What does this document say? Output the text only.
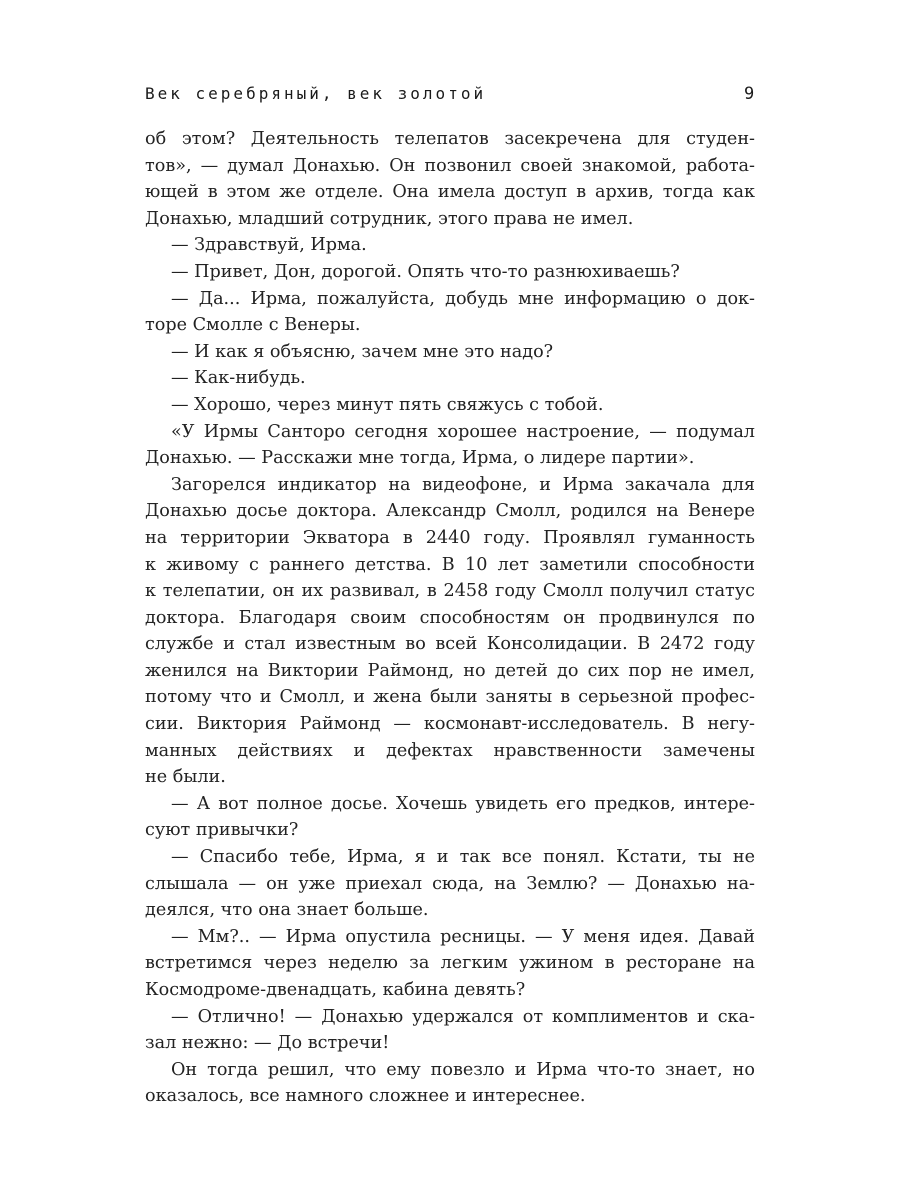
Век серебряный, век золотой	9
об этом? Деятельность телепатов засекречена для студен-
тов», — думал Донахью. Он позвонил своей знакомой, работа-
ющей в этом же отделе. Она имела доступ в архив, тогда как
Донахью, младший сотрудник, этого права не имел.
— Здравствуй, Ирма.
— Привет, Дон, дорогой. Опять что-то разнюхиваешь?
— Да... Ирма, пожалуйста, добудь мне информацию о док-
торе Смолле с Венеры.
— И как я объясню, зачем мне это надо?
— Как-нибудь.
— Хорошо, через минут пять свяжусь с тобой.
«У Ирмы Санторо сегодня хорошее настроение, — подумал
Донахью. — Расскажи мне тогда, Ирма, о лидере партии».
Загорелся индикатор на видеофоне, и Ирма закачала для
Донахью досье доктора. Александр Смолл, родился на Венере
на территории Экватора в 2440 году. Проявлял гуманность
к живому с раннего детства. В 10 лет заметили способности
к телепатии, он их развивал, в 2458 году Смолл получил статус
доктора. Благодаря своим способностям он продвинулся по
службе и стал известным во всей Консолидации. В 2472 году
женился на Виктории Раймонд, но детей до сих пор не имел,
потому что и Смолл, и жена были заняты в серьезной профес-
сии. Виктория Раймонд — космонавт-исследователь. В негу-
манных действиях и дефектах нравственности замечены
не были.
— А вот полное досье. Хочешь увидеть его предков, интере-
суют привычки?
— Спасибо тебе, Ирма, я и так все понял. Кстати, ты не
слышала — он уже приехал сюда, на Землю? — Донахью на-
деялся, что она знает больше.
— Мм?.. — Ирма опустила ресницы. — У меня идея. Давай
встретимся через неделю за легким ужином в ресторане на
Космодроме-двенадцать, кабина девять?
— Отлично! — Донахью удержался от комплиментов и ска-
зал нежно: — До встречи!
Он тогда решил, что ему повезло и Ирма что-то знает, но
оказалось, все намного сложнее и интереснее.
